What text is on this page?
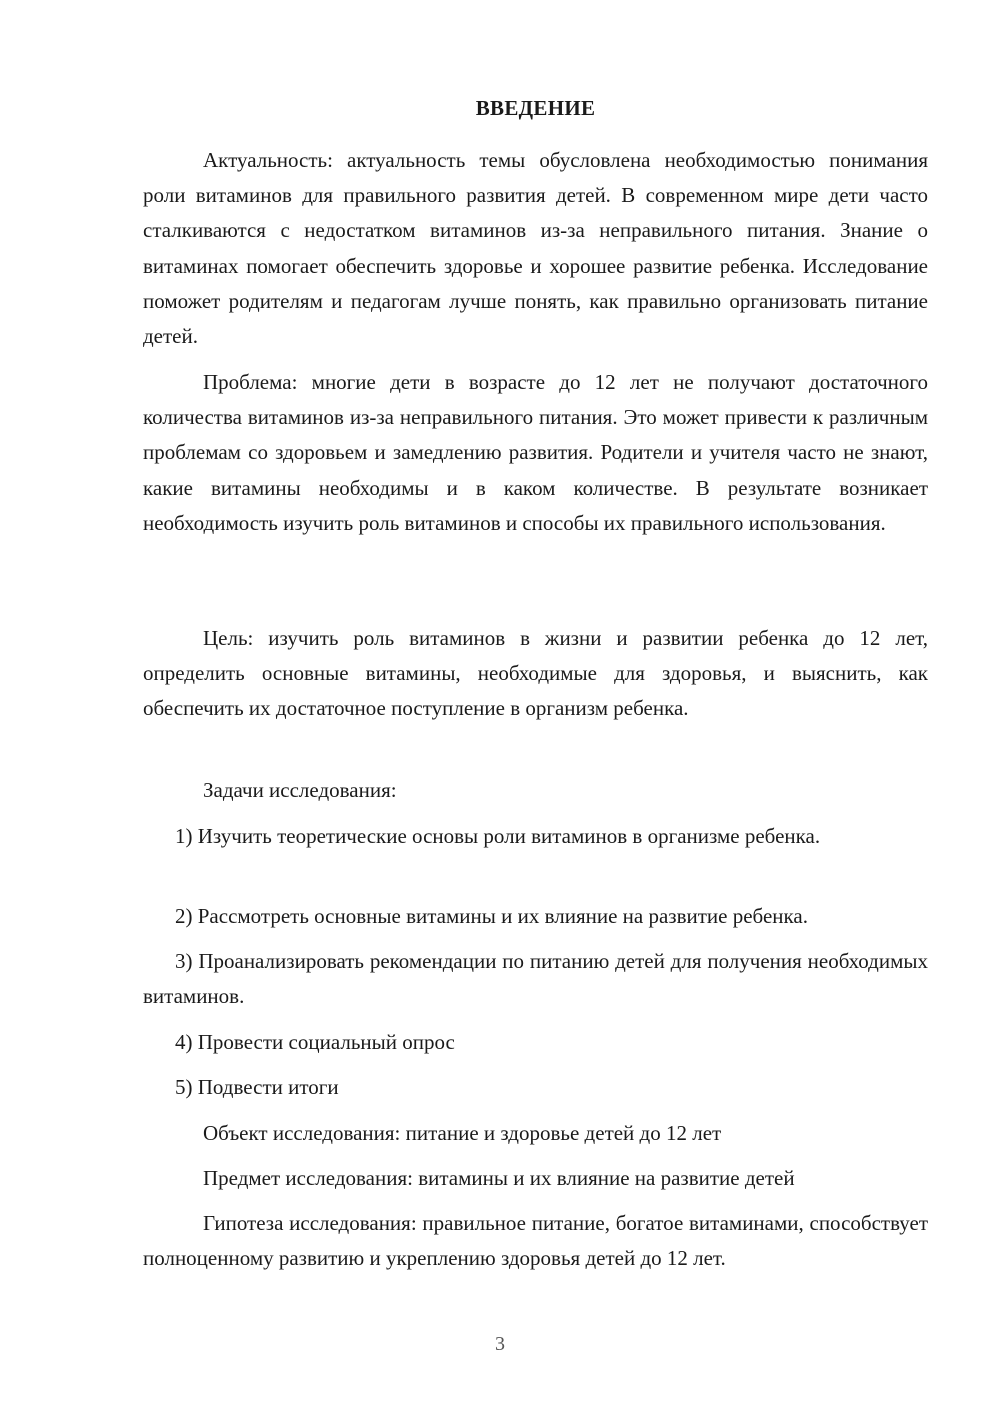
ВВЕДЕНИЕ

Актуальность: актуальность темы обусловлена необходимостью понимания роли витаминов для правильного развития детей. В современном мире дети часто сталкиваются с недостатком витаминов из-за неправильного питания. Знание о витаминах помогает обеспечить здоровье и хорошее развитие ребенка. Исследование поможет родителям и педагогам лучше понять, как правильно организовать питание детей.

Проблема: многие дети в возрасте до 12 лет не получают достаточного количества витаминов из-за неправильного питания. Это может привести к различным проблемам со здоровьем и замедлению развития. Родители и учителя часто не знают, какие витамины необходимы и в каком количестве. В результате возникает необходимость изучить роль витаминов и способы их правильного использования.

Цель: изучить роль витаминов в жизни и развитии ребенка до 12 лет, определить основные витамины, необходимые для здоровья, и выяснить, как обеспечить их достаточное поступление в организм ребенка.

Задачи исследования:

1) Изучить теоретические основы роли витаминов в организме ребенка.

2) Рассмотреть основные витамины и их влияние на развитие ребенка.

3) Проанализировать рекомендации по питанию детей для получения необходимых витаминов.

4) Провести социальный опрос

5) Подвести итоги

Объект исследования: питание и здоровье детей до 12 лет

Предмет исследования: витамины и их влияние на развитие детей

Гипотеза исследования: правильное питание, богатое витаминами, способствует полноценному развитию и укреплению здоровья детей до 12 лет.

3
